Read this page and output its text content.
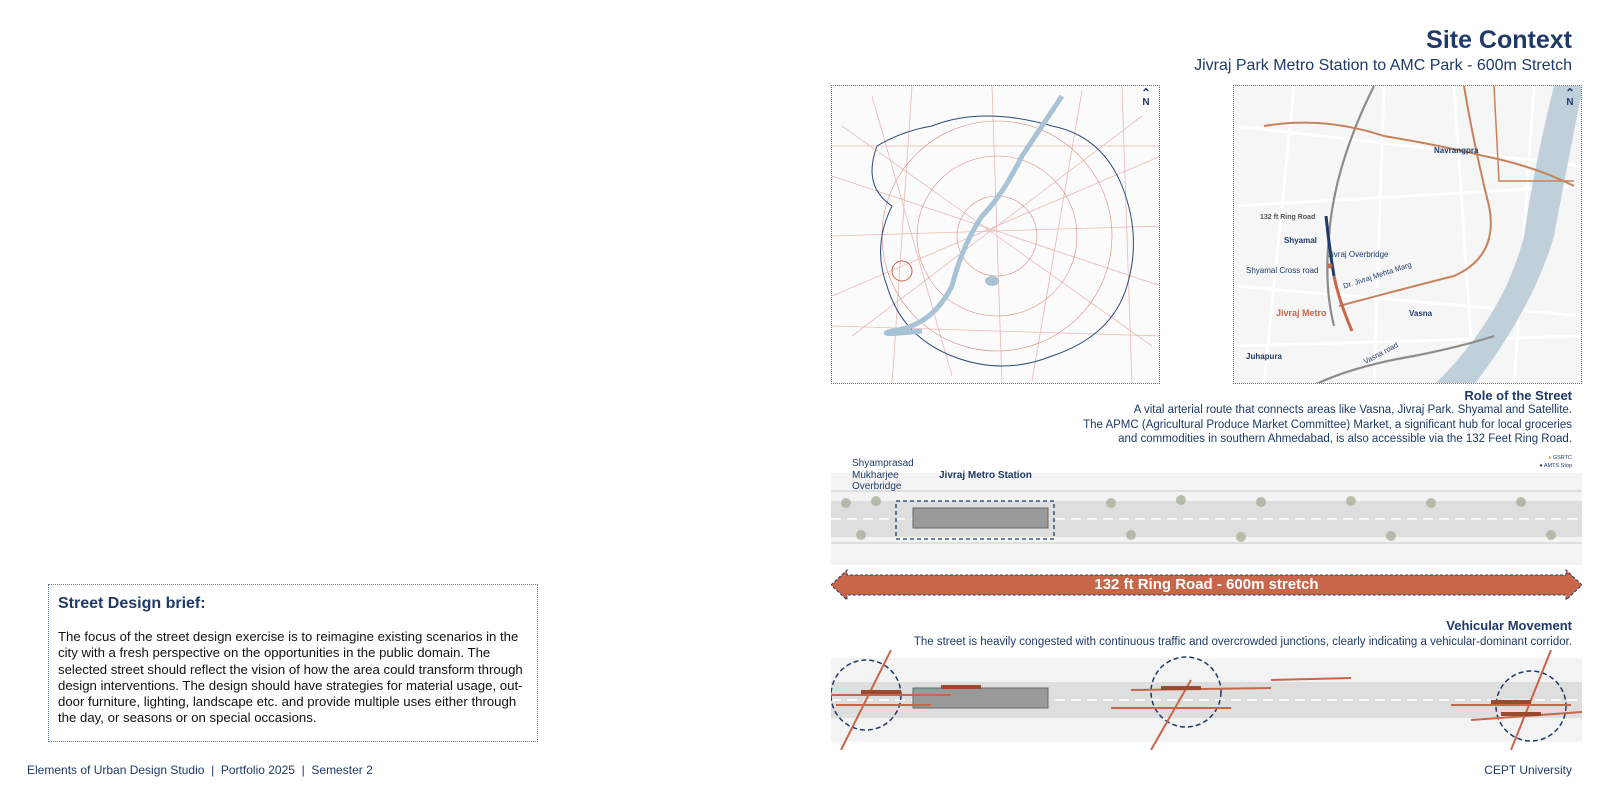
Street Design brief:

The focus of the street design exercise is to reimagine existing scenarios in the city with a fresh perspective on the opportunities in the public domain. The selected street should reflect the vision of how the area could transform through design interventions. The design should have strategies for material usage, out-door furniture, lighting, landscape etc. and provide multiple uses either through the day, or seasons or on special occasions.

Elements of Urban Design Studio  |  Portfolio 2025  |  Semester 2	CEPT University
Site Context
Jivraj Park Metro Station to AMC Park - 600m Stretch
⌃
N
⌃
N
Navrangpra
132 ft Ring Road
Shyamal
Jivraj Overbridge
Shyamal Cross road	Dr. Jivraj Mehta Marg
Jivraj Metro	Vasna
Vasna road
Juhapura
Role of the Street
A vital arterial route that connects areas like Vasna, Jivraj Park. Shyamal and Satellite.
The APMC (Agricultural Produce Market Committee) Market, a significant hub for local groceries
and commodities in southern Ahmedabad, is also accessible via the 132 Feet Ring Road.
Shyamprasad
Mukharjee
Overbridge
Jivraj Metro Station
● GSRTC
● AMTS Stop
132 ft Ring Road - 600m stretch
Vehicular Movement
The street is heavily congested with continuous traffic and overcrowded junctions, clearly indicating a vehicular-dominant corridor.
